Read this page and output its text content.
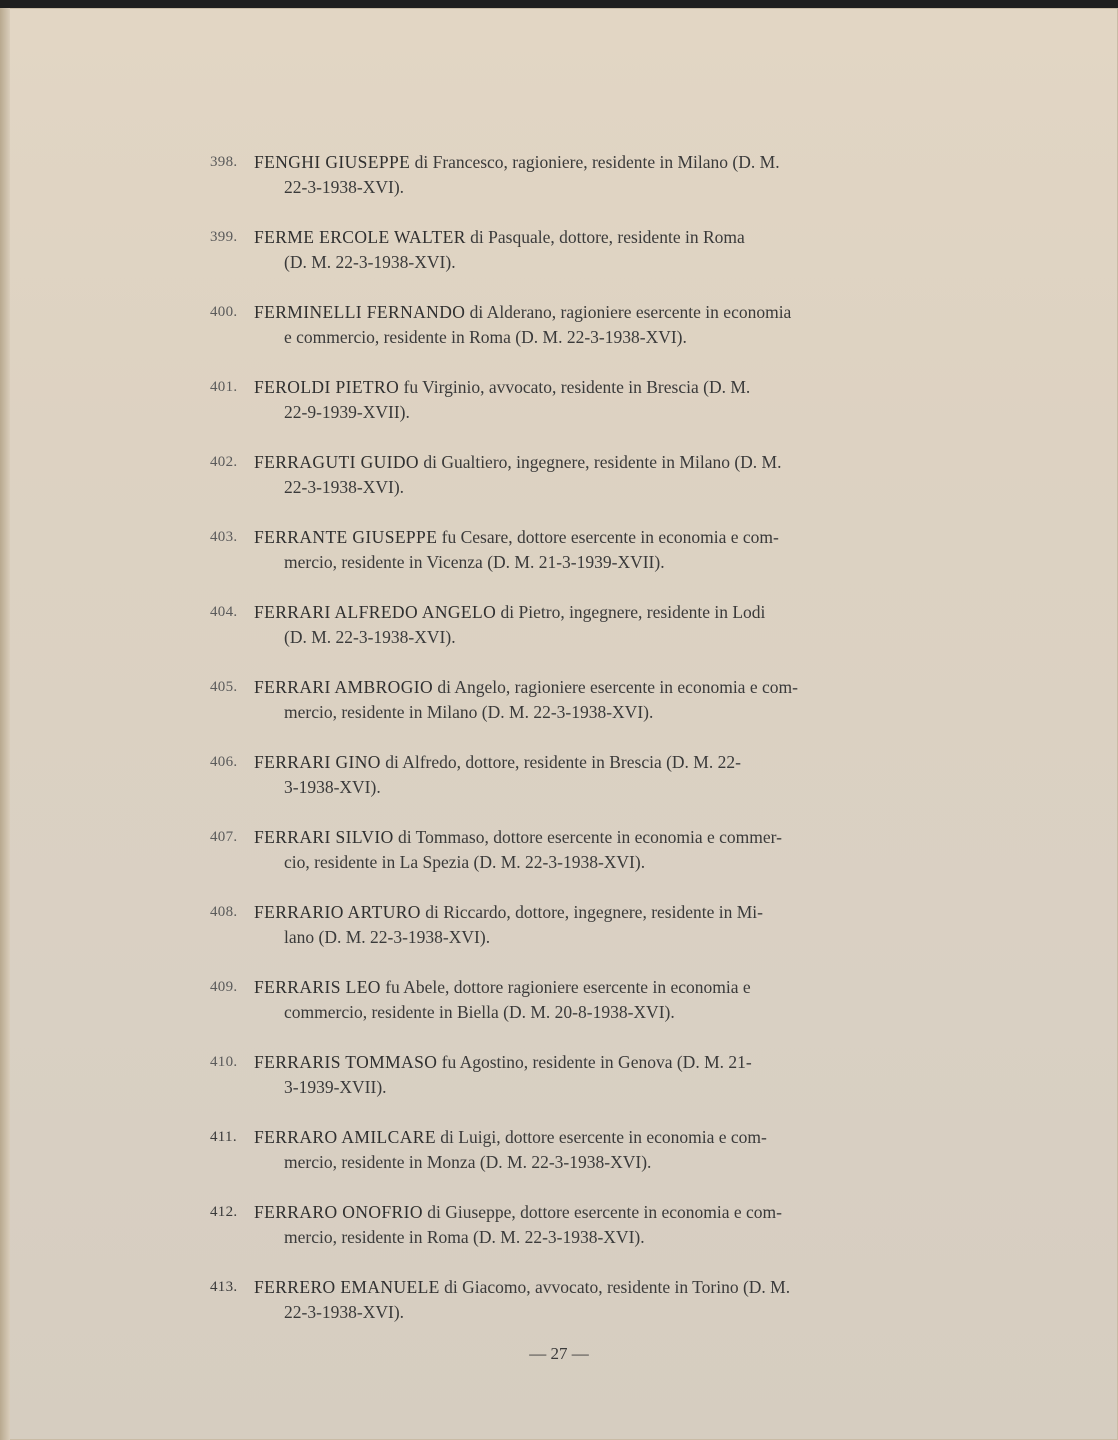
398. FENGHI GIUSEPPE di Francesco, ragioniere, residente in Milano (D. M.
22-3-1938-XVI).
399. FERME ERCOLE WALTER di Pasquale, dottore, residente in Roma
(D. M. 22-3-1938-XVI).
400. FERMINELLI FERNANDO di Alderano, ragioniere esercente in economia
e commercio, residente in Roma (D. M. 22-3-1938-XVI).
401. FEROLDI PIETRO fu Virginio, avvocato, residente in Brescia (D. M.
22-9-1939-XVII).
402. FERRAGUTI GUIDO di Gualtiero, ingegnere, residente in Milano (D. M.
22-3-1938-XVI).
403. FERRANTE GIUSEPPE fu Cesare, dottore esercente in economia e com-
mercio, residente in Vicenza (D. M. 21-3-1939-XVII).
404. FERRARI ALFREDO ANGELO di Pietro, ingegnere, residente in Lodi
(D. M. 22-3-1938-XVI).
405. FERRARI AMBROGIO di Angelo, ragioniere esercente in economia e com-
mercio, residente in Milano (D. M. 22-3-1938-XVI).
406. FERRARI GINO di Alfredo, dottore, residente in Brescia (D. M. 22-
3-1938-XVI).
407. FERRARI SILVIO di Tommaso, dottore esercente in economia e commer-
cio, residente in La Spezia (D. M. 22-3-1938-XVI).
408. FERRARIO ARTURO di Riccardo, dottore, ingegnere, residente in Mi-
lano (D. M. 22-3-1938-XVI).
409. FERRARIS LEO fu Abele, dottore ragioniere esercente in economia e
commercio, residente in Biella (D. M. 20-8-1938-XVI).
410. FERRARIS TOMMASO fu Agostino, residente in Genova (D. M. 21-
3-1939-XVII).
411. FERRARO AMILCARE di Luigi, dottore esercente in economia e com-
mercio, residente in Monza (D. M. 22-3-1938-XVI).
412. FERRARO ONOFRIO di Giuseppe, dottore esercente in economia e com-
mercio, residente in Roma (D. M. 22-3-1938-XVI).
413. FERRERO EMANUELE di Giacomo, avvocato, residente in Torino (D. M.
22-3-1938-XVI).
— 27 —
